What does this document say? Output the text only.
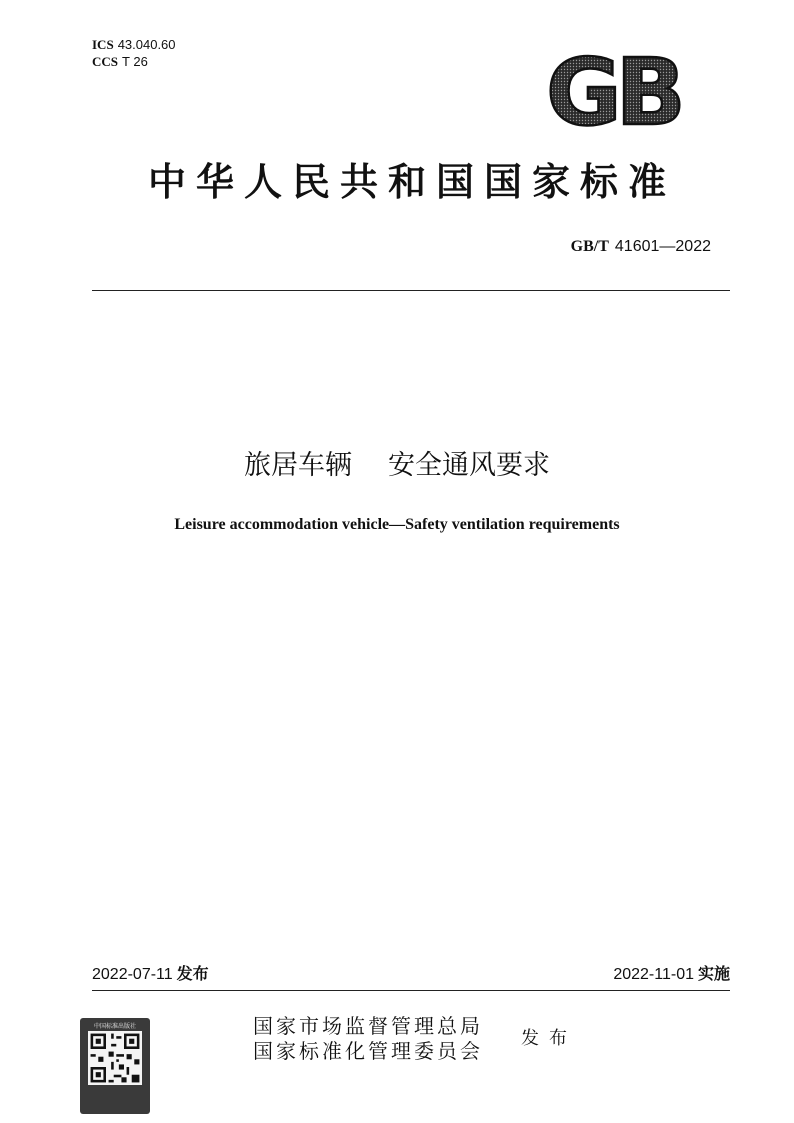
ICS 43.040.60
CCS T 26	GB
中华人民共和国国家标准
GB/T 41601—2022
旅居车辆 安全通风要求
Leisure accommodation vehicle—Safety ventilation requirements
2022-07-11 发布	2022-11-01 实施
中国标准出版社	国家市场监督管理总局
国家标准化管理委员会
发布
